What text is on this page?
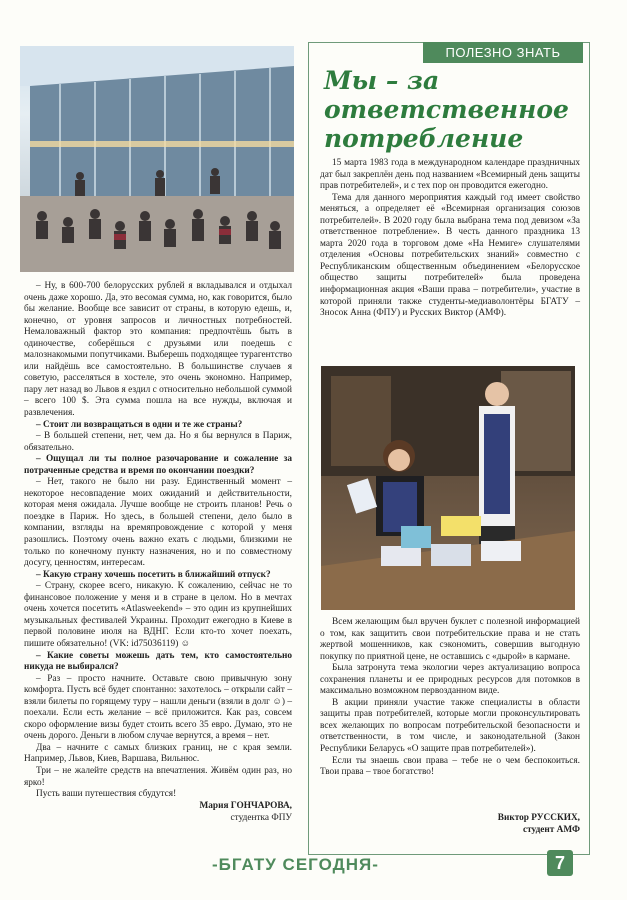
– Ну, в 600-700 белорусских рублей я вкладывался и отдыхал очень даже хорошо. Да, это весомая сумма, но, как говорится, было бы желание. Вообще все зависит от страны, в которую едешь, и, конечно, от уровня запросов и личностных потребностей. Немаловажный фактор это компания: предпочтёшь быть в одиночестве, соберёшься с друзьями или поедешь с малознакомыми попутчиками. Выберешь подходящее турагентство или найдёшь все самостоятельно. В большинстве случаев я советую, расселяться в хостеле, это очень экономно. Например, пару лет назад во Львов я ездил с относительно небольшой суммой – всего 100 $. Эта сумма пошла на все нужды, включая и развлечения.

– Стоит ли возвращаться в одни и те же страны?

– В большей степени, нет, чем да. Но я бы вернулся в Париж, обязательно.

– Ощущал ли ты полное разочарование и сожаление за потраченные средства и время по окончании поездки?

– Нет, такого не было ни разу. Единственный момент – некоторое несовпадение моих ожиданий и действительности, которая меня ожидала. Лучше вообще не строить планов! Речь о поездке в Париж. Но здесь, в большей степени, дело было в компании, взгляды на времяпровождение с которой у меня разошлись. Поэтому очень важно ехать с людьми, близкими не только по конечному пункту назначения, но и по совместному досугу, ценностям, интересам.

– Какую страну хочешь посетить в ближайший отпуск?

– Страну, скорее всего, никакую. К сожалению, сейчас не то финансовое положение у меня и в стране в целом. Но в мечтах очень хочется посетить «Atlasweekend» – это один из крупнейших музыкальных фестивалей Украины. Проходит ежегодно в Киеве в первой половине июля на ВДНГ. Если кто-то хочет поехать, пишите обязательно! (VK: id75036119) ☺

– Какие советы можешь дать тем, кто самостоятельно никуда не выбирался?

– Раз – просто начните. Оставьте свою привычную зону комфорта. Пусть всё будет спонтанно: захотелось – открыли сайт – взяли билеты по горящему туру – нашли деньги (взяли в долг ☺) – поехали. Если есть желание – всё приложится. Как раз, совсем скоро оформление визы будет стоить всего 35 евро. Думаю, это не очень дорого. Деньги в любом случае вернутся, а время – нет.

Два – начните с самых близких границ, не с края земли. Например, Львов, Киев, Варшава, Вильнюс.

Три – не жалейте средств на впечатления. Живём один раз, но ярко!

Пусть ваши путешествия сбудутся!

Мария ГОНЧАРОВА,
студентка ФПУ
ПОЛЕЗНО ЗНАТЬ
Мы – за ответственное потребление

15 марта 1983 года в международном календаре праздничных дат был закреплён день под названием «Всемирный день защиты прав потребителей», и с тех пор он проводится ежегодно.

Тема для данного мероприятия каждый год имеет свойство меняться, а определяет её «Всемирная организация союзов потребителей». В 2020 году была выбрана тема под девизом «За ответственное потребление». В честь данного праздника 13 марта 2020 года в торговом доме «На Немиге» слушателями отделения «Основы потребительских знаний» совместно с Республиканским общественным объединением «Белорусское общество защиты потребителей» была проведена информационная акция «Ваши права – потребители», участие в которой приняли также студенты-медиаволонтёры БГАТУ – Зносок Анна (ФПУ) и Русских Виктор (АМФ).

Всем желающим был вручен буклет с полезной информацией о том, как защитить свои потребительские права и не стать жертвой мошенников, как сэкономить, совершив выгодную покупку по приятной цене, не оставшись с «дырой» в кармане.

Была затронута тема экологии через актуализацию вопроса сохранения планеты и ее природных ресурсов для потомков в максимально возможном первозданном виде.

В акции приняли участие также специалисты в области защиты прав потребителей, которые могли проконсультировать всех желающих по вопросам потребительской безопасности и ответственности, в том числе, и законодательной (Закон Республики Беларусь «О защите прав потребителей»).

Если ты знаешь свои права – тебе не о чем беспокоиться. Твои права – твое богатство!

Виктор РУССКИХ,
студент АМФ
-БГАТУ СЕГОДНЯ-	7
